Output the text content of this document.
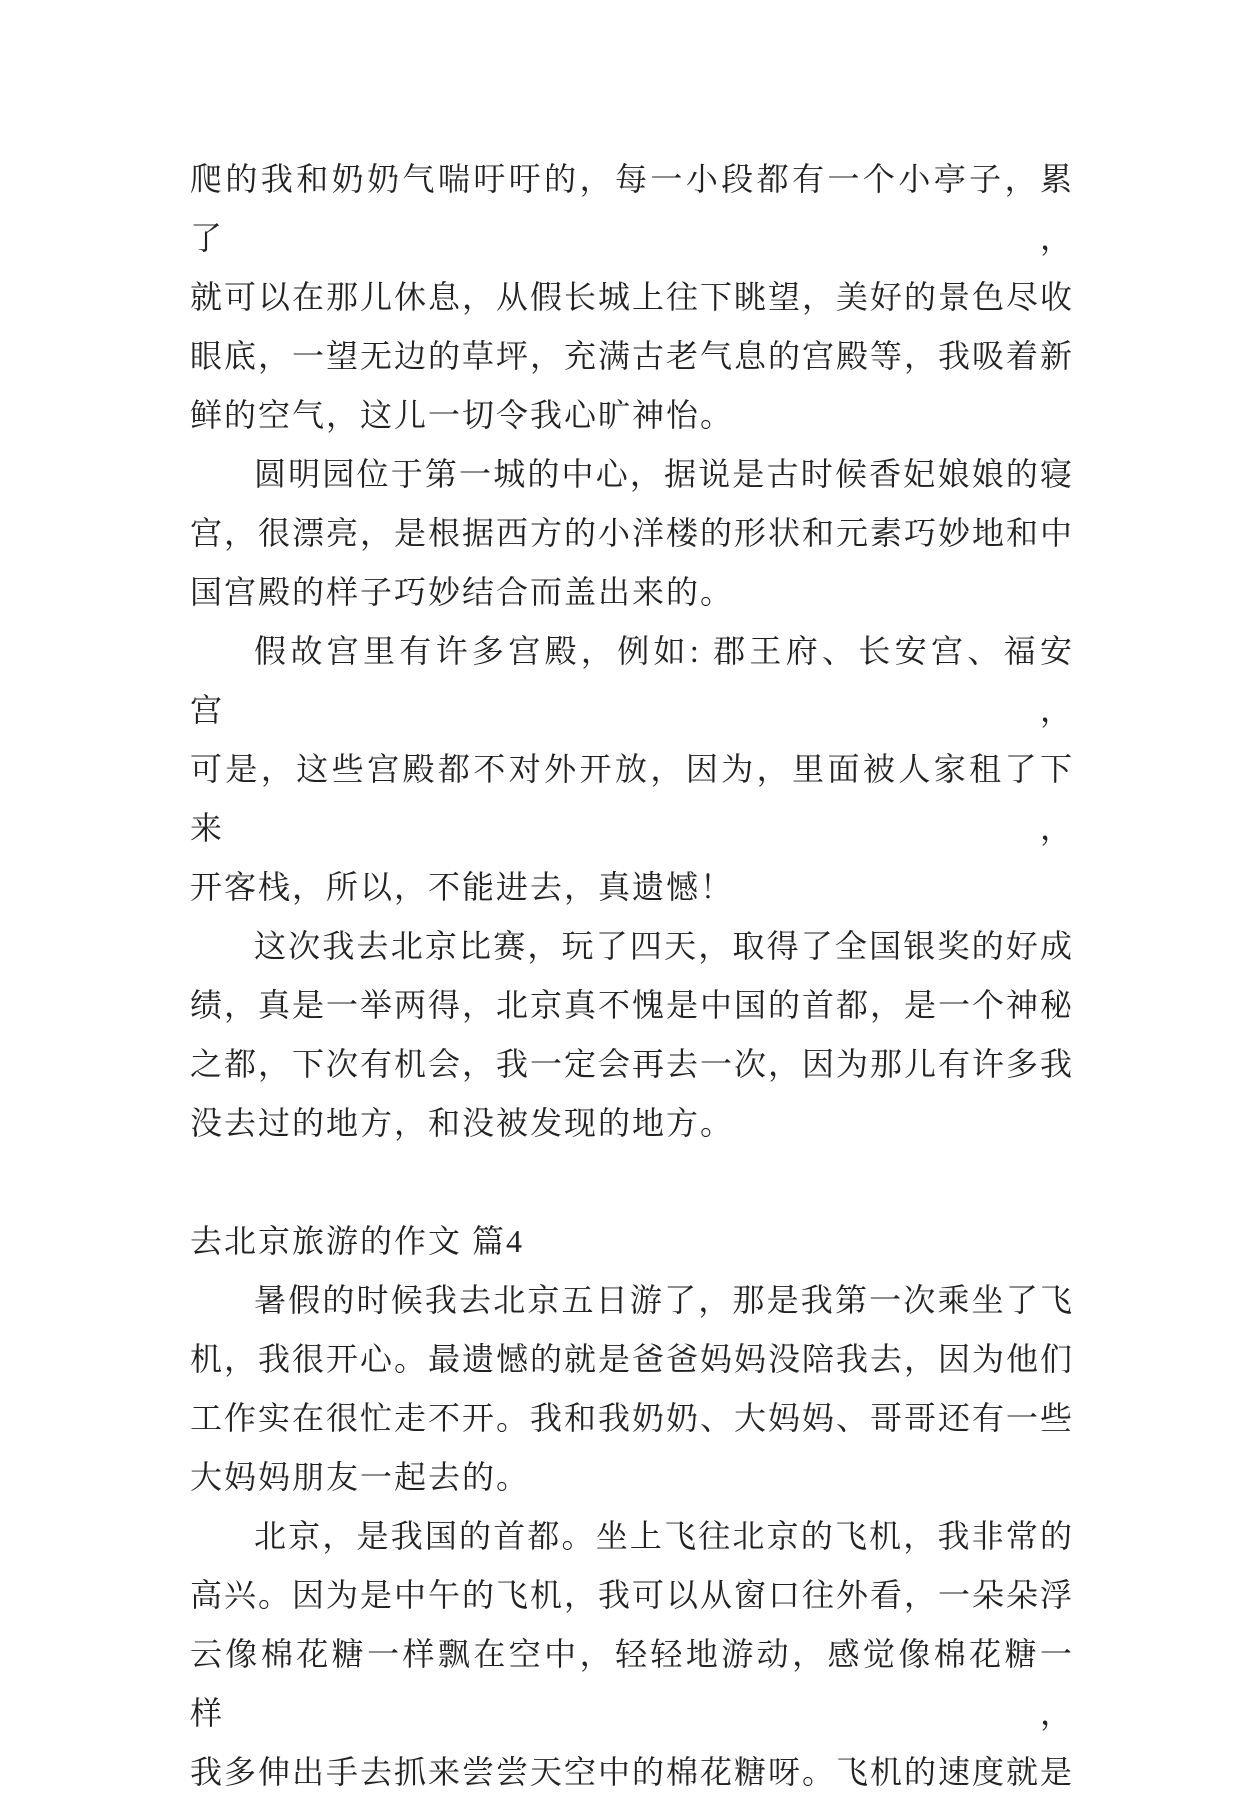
爬的我和奶奶气喘吁吁的，每一小段都有一个小亭子，累了，

就可以在那儿休息，从假长城上往下眺望，美好的景色尽收

眼底，一望无边的草坪，充满古老气息的宫殿等，我吸着新

鲜的空气，这儿一切令我心旷神怡。

圆明园位于第一城的中心，据说是古时候香妃娘娘的寝

宫，很漂亮，是根据西方的小洋楼的形状和元素巧妙地和中

国宫殿的样子巧妙结合而盖出来的。

假故宫里有许多宫殿，例如: 郡王府、长安宫、福安宫，

可是，这些宫殿都不对外开放，因为，里面被人家租了下来，

开客栈，所以，不能进去，真遗憾！

这次我去北京比赛，玩了四天，取得了全国银奖的好成

绩，真是一举两得，北京真不愧是中国的首都，是一个神秘

之都，下次有机会，我一定会再去一次，因为那儿有许多我

没去过的地方，和没被发现的地方。

去北京旅游的作文 篇4

暑假的时候我去北京五日游了，那是我第一次乘坐了飞

机，我很开心。最遗憾的就是爸爸妈妈没陪我去，因为他们

工作实在很忙走不开。我和我奶奶、大妈妈、哥哥还有一些

大妈妈朋友一起去的。

北京，是我国的首都。坐上飞往北京的飞机，我非常的

高兴。因为是中午的飞机，我可以从窗口往外看，一朵朵浮

云像棉花糖一样飘在空中，轻轻地游动，感觉像棉花糖一样，

我多伸出手去抓来尝尝天空中的棉花糖呀。飞机的速度就是
